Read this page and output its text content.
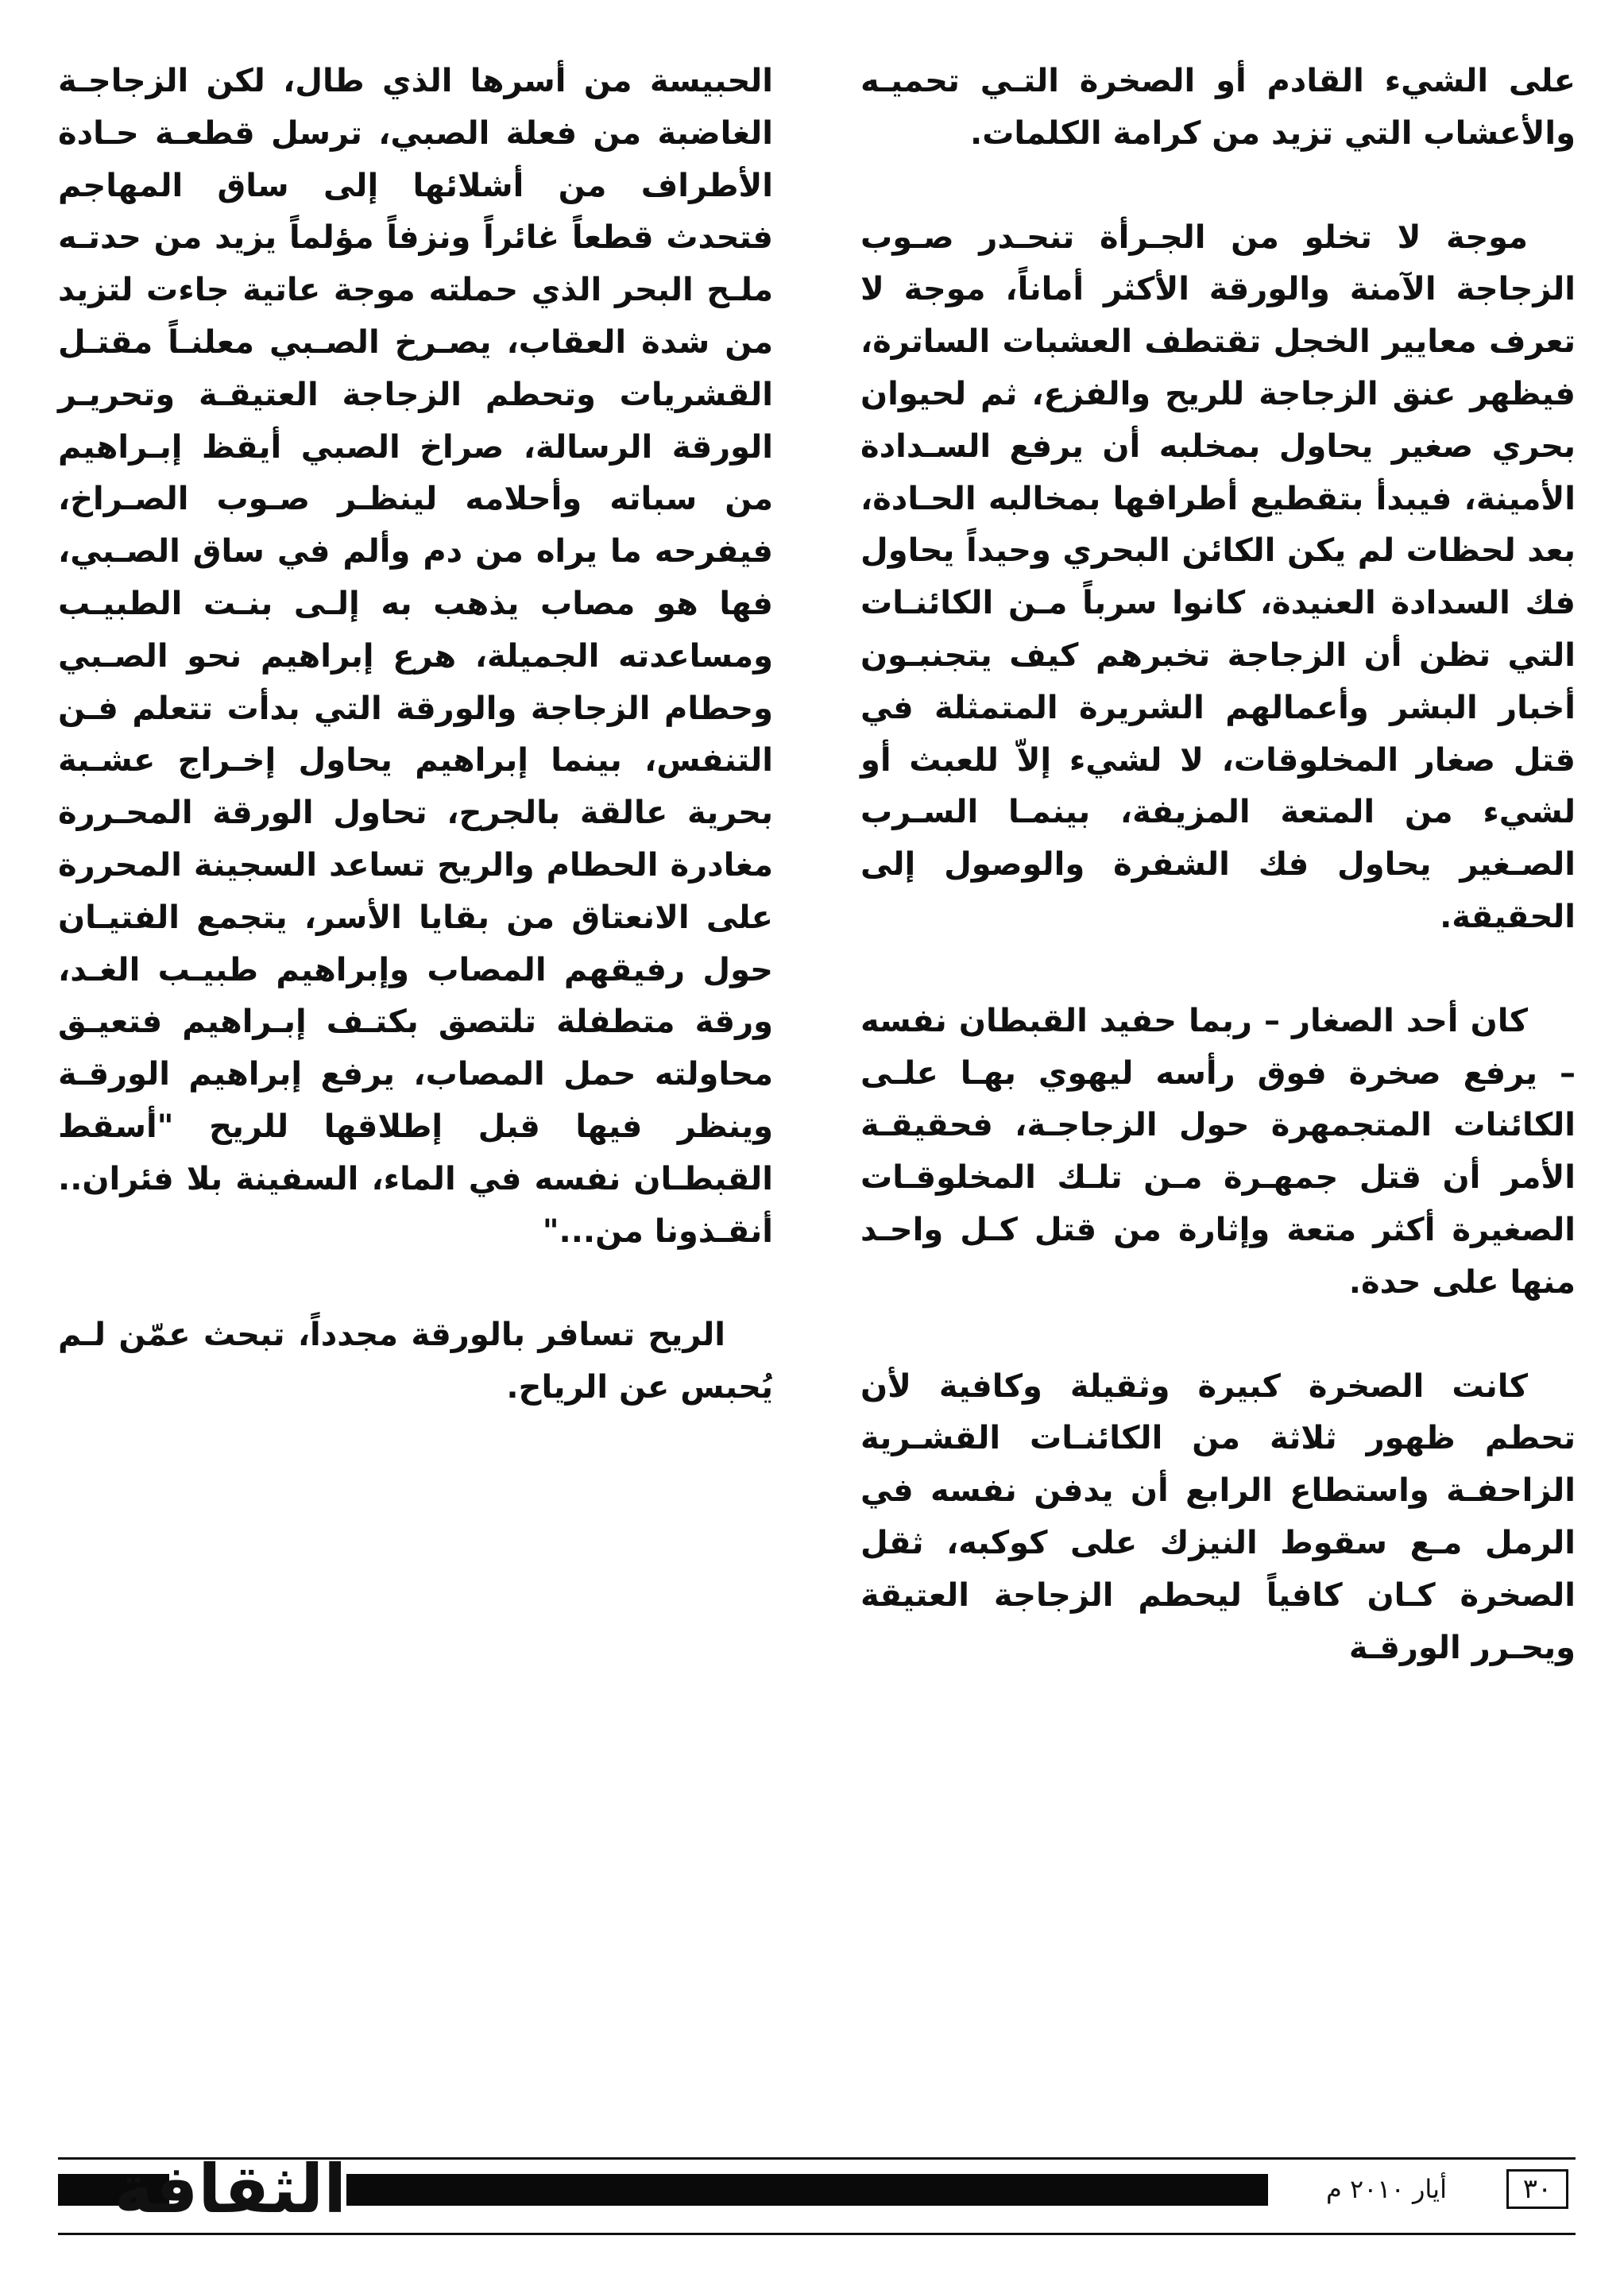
على الشيء القادم أو الصخرة التـي تحميـه والأعشاب التي تزيد من كرامة الكلمات.

موجة لا تخلو من الجـرأة تنحـدر صـوب الزجاجة الآمنة والورقة الأكثر أماناً، موجة لا تعرف معايير الخجل تقتطف العشبات الساترة، فيظهر عنق الزجاجة للريح والفزع، ثم لحيوان بحري صغير يحاول بمخلبه أن يرفع السـدادة الأمينة، فيبدأ بتقطيع أطرافها بمخالبه الحـادة، بعد لحظات لم يكن الكائن البحري وحيداً يحاول فك السدادة العنيدة، كانوا سرباً مـن الكائنـات التي تظن أن الزجاجة تخبرهم كيف يتجنبـون أخبار البشر وأعمالهم الشريرة المتمثلة في قتل صغار المخلوقات، لا لشيء إلاّ للعبث أو لشيء من المتعة المزيفة، بينمـا السـرب الصـغير يحاول فك الشفرة والوصول إلى الحقيقة.

كان أحد الصغار – ربما حفيد القبطان نفسه – يرفع صخرة فوق رأسه ليهوي بهـا علـى الكائنات المتجمهرة حول الزجاجـة، فحقيقـة الأمر أن قتل جمهـرة مـن تلـك المخلوقـات الصغيرة أكثر متعة وإثارة من قتل كـل واحـد منها على حدة.

كانت الصخرة كبيرة وثقيلة وكافية لأن تحطم ظهور ثلاثة من الكائنـات القشـرية الزاحفـة واستطاع الرابع أن يدفن نفسه في الرمل مـع سقوط النيزك على كوكبه، ثقل الصخرة كـان كافياً ليحطم الزجاجة العتيقة ويحـرر الورقـة

الحبيسة من أسرها الذي طال، لكن الزجاجـة الغاضبة من فعلة الصبي، ترسل قطعـة حـادة الأطراف من أشلائها إلى ساق المهاجم فتحدث قطعاً غائراً ونزفاً مؤلماً يزيد من حدتـه ملـح البحر الذي حملته موجة عاتية جاءت لتزيد من شدة العقاب، يصـرخ الصـبي معلنـاً مقتـل القشريات وتحطم الزجاجة العتيقـة وتحريـر الورقة الرسالة، صراخ الصبي أيقظ إبـراهيم من سباته وأحلامه لينظـر صـوب الصـراخ، فيفرحه ما يراه من دم وألم في ساق الصـبي، فها هو مصاب يذهب به إلـى بنـت الطبيـب ومساعدته الجميلة، هرع إبراهيم نحو الصـبي وحطام الزجاجة والورقة التي بدأت تتعلم فـن التنفس، بينما إبراهيم يحاول إخـراج عشـبة بحرية عالقة بالجرح، تحاول الورقة المحـررة مغادرة الحطام والريح تساعد السجينة المحررة على الانعتاق من بقايا الأسر، يتجمع الفتيـان حول رفيقهم المصاب وإبراهيم طبيـب الغـد، ورقة متطفلة تلتصق بكتـف إبـراهيم فتعيـق محاولته حمل المصاب، يرفع إبراهيم الورقـة وينظر فيها قبل إطلاقها للريح "أسقط القبطـان نفسه في الماء، السفينة بلا فئران.. أنقـذونا من..."

الريح تسافر بالورقة مجدداً، تبحث عمّن لـم يُحبس عن الرياح.

الثقافة	أيار ٢٠١٠ م	٣٠
